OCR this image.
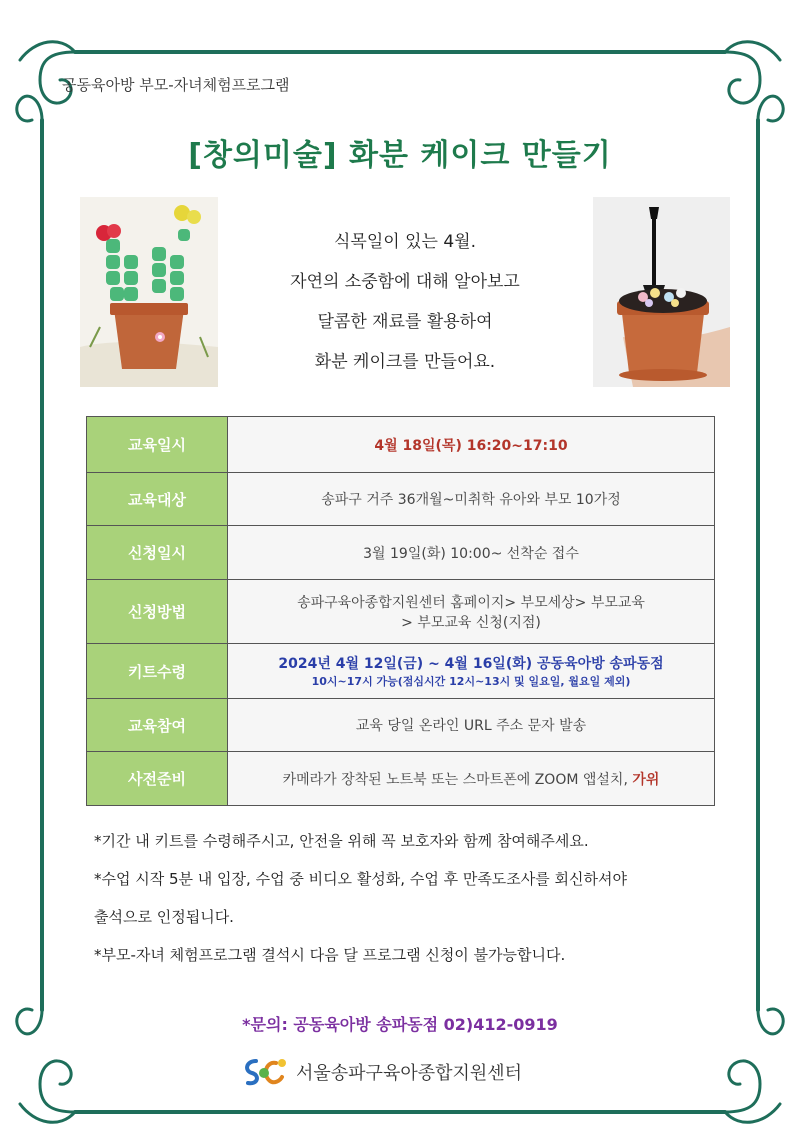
공동육아방 부모-자녀체험프로그램
[창의미술] 화분 케이크 만들기
식목일이 있는 4월.
자연의 소중함에 대해 알아보고
달콤한 재료를 활용하여
화분 케이크를 만들어요.
교육일시	4월 18일(목) 16:20~17:10
교육대상	송파구 거주 36개월~미취학 유아와 부모 10가정
신청일시	3월 19일(화) 10:00~ 선착순 접수
신청방법	송파구육아종합지원센터 홈페이지> 부모세상> 부모교육
> 부모교육 신청(지점)

키트수령	2024년 4월 12일(금) ~ 4월 16일(화) 공동육아방 송파동점
10시~17시 가능(점심시간 12시~13시 및 일요일, 월요일 제외)

교육참여	교육 당일 온라인 URL 주소 문자 발송
사전준비	카메라가 장착된 노트북 또는 스마트폰에 ZOOM 앱설치, 가위
*기간 내 키트를 수령해주시고, 안전을 위해 꼭 보호자와 함께 참여해주세요.
*수업 시작 5분 내 입장, 수업 중 비디오 활성화, 수업 후 만족도조사를 회신하셔야
출석으로 인정됩니다.
*부모-자녀 체험프로그램 결석시 다음 달 프로그램 신청이 불가능합니다.
*문의: 공동육아방 송파동점 02)412-0919
서울송파구육아종합지원센터
